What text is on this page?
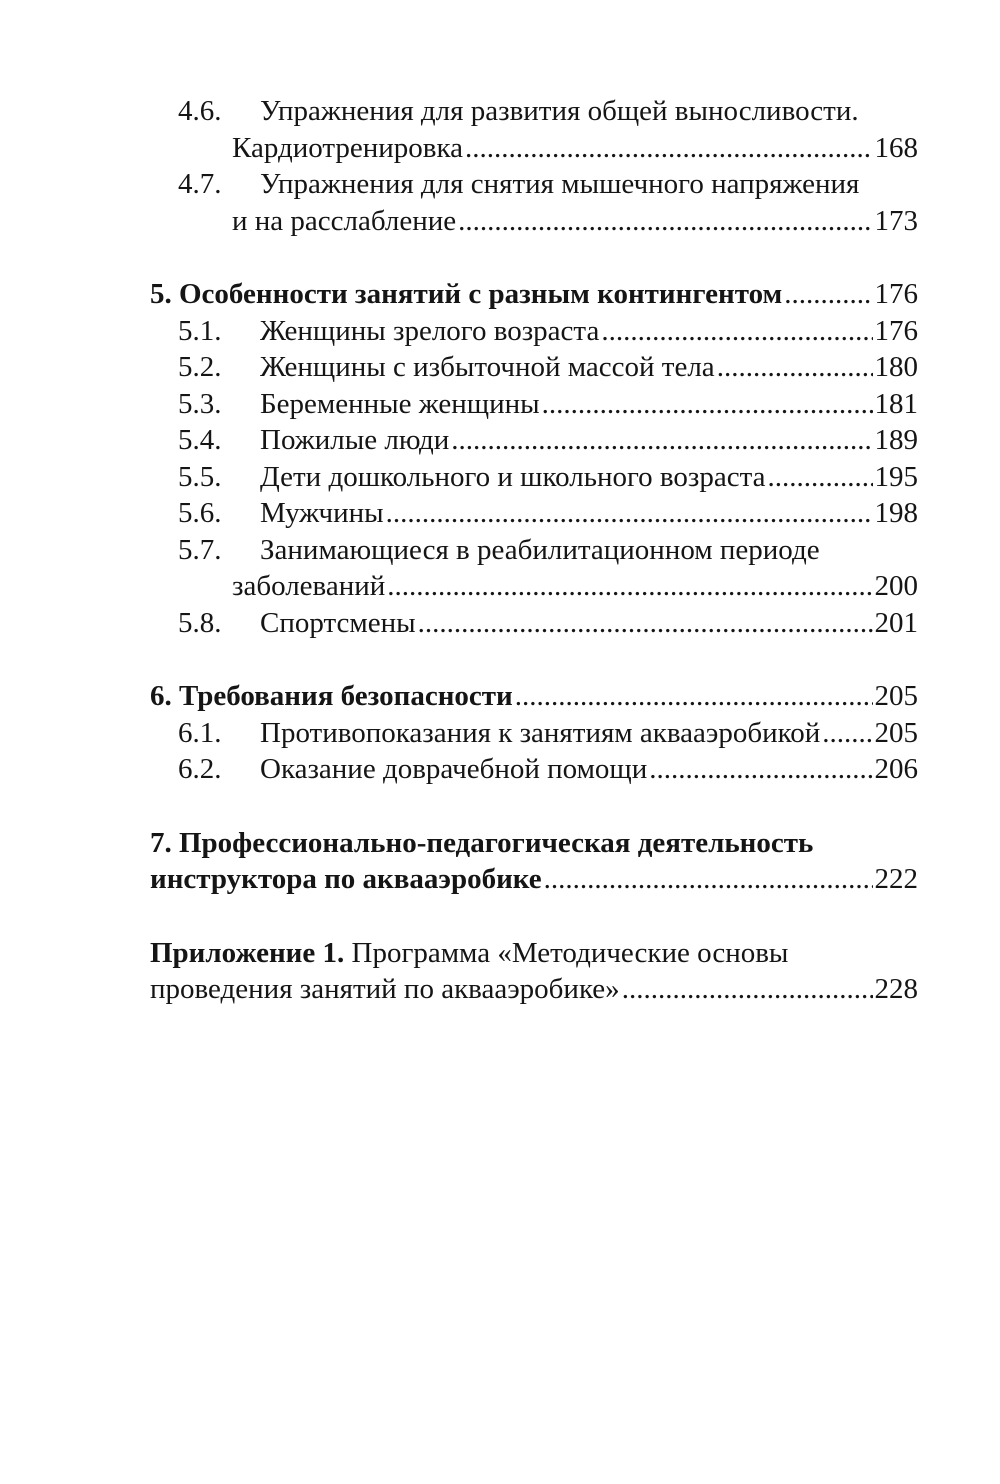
4.6.	Упражнения для развития общей выносливости.
Кардиотренировка .....	168
4.7.	Упражнения для снятия мышечного напряжения
и на расслабление .....	173
5. Особенности занятий с разным контингентом .....	176
5.1.	Женщины зрелого возраста .....	176
5.2.	Женщины с избыточной массой тела .....	180
5.3.	Беременные женщины .....	181
5.4.	Пожилые люди .....	189
5.5.	Дети дошкольного и школьного возраста .....	195
5.6.	Мужчины .....	198
5.7.	Занимающиеся в реабилитационном периоде
заболеваний .....	200
5.8.	Спортсмены .....	201
6. Требования безопасности .....	205
6.1.	Противопоказания к занятиям аквааэробикой ..... 205
6.2.	Оказание доврачебной помощи .....	206
7. Профессионально-педагогическая деятельность
инструктора по аквааэробике .....	222
Приложение 1.
Программа «Методические основы
проведения занятий по аквааэробике» .....	228
